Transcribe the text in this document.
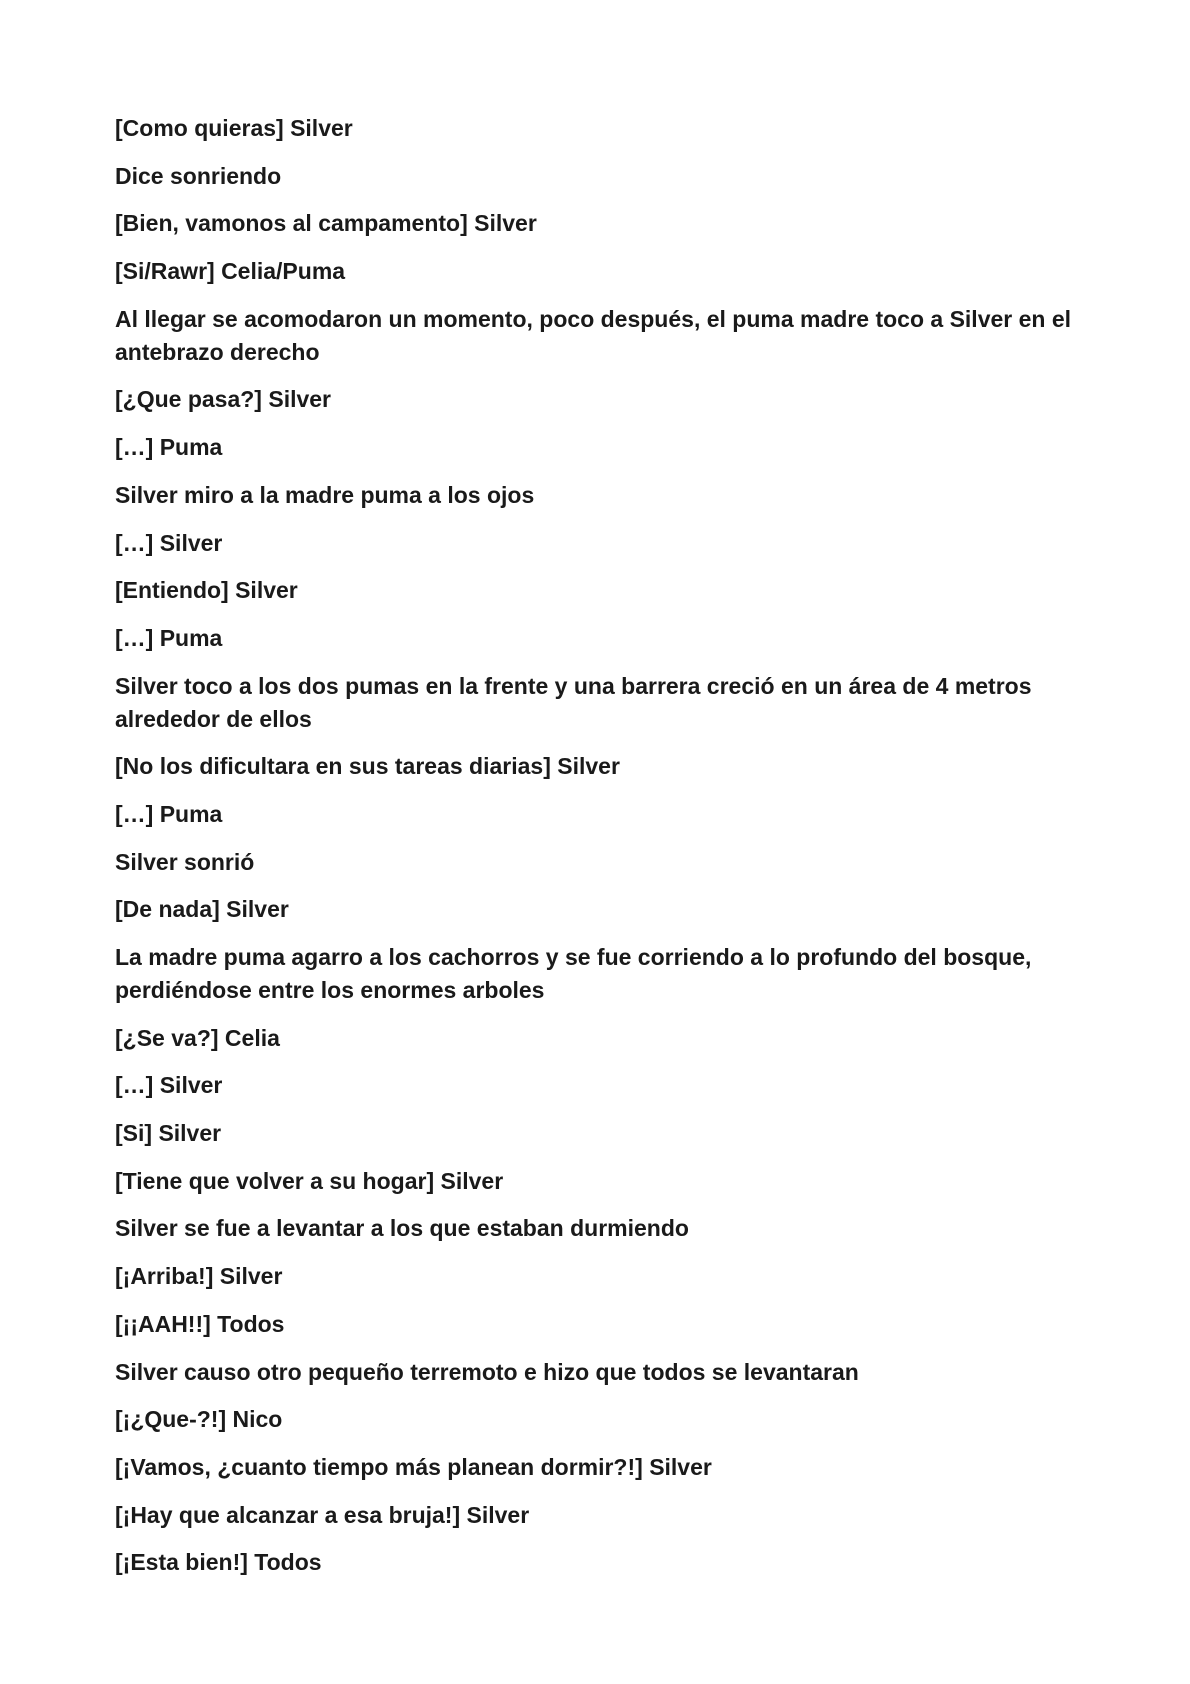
[Como quieras] Silver

Dice sonriendo

[Bien, vamonos al campamento] Silver

[Si/Rawr] Celia/Puma

Al llegar se acomodaron un momento, poco después, el puma madre toco a Silver en el antebrazo derecho

[¿Que pasa?] Silver

[…] Puma

Silver miro a la madre puma a los ojos

[…] Silver

[Entiendo] Silver

[…] Puma

Silver toco a los dos pumas en la frente y una barrera creció en un área de 4 metros alrededor de ellos

[No los dificultara en sus tareas diarias] Silver

[…] Puma

Silver sonrió

[De nada] Silver

La madre puma agarro a los cachorros y se fue corriendo a lo profundo del bosque, perdiéndose entre los enormes arboles

[¿Se va?] Celia

[…] Silver

[Si] Silver

[Tiene que volver a su hogar] Silver

Silver se fue a levantar a los que estaban durmiendo

[¡Arriba!] Silver

[¡¡AAH!!] Todos

Silver causo otro pequeño terremoto e hizo que todos se levantaran

[¡¿Que-?!] Nico

[¡Vamos, ¿cuanto tiempo más planean dormir?!] Silver

[¡Hay que alcanzar a esa bruja!] Silver

[¡Esta bien!] Todos
